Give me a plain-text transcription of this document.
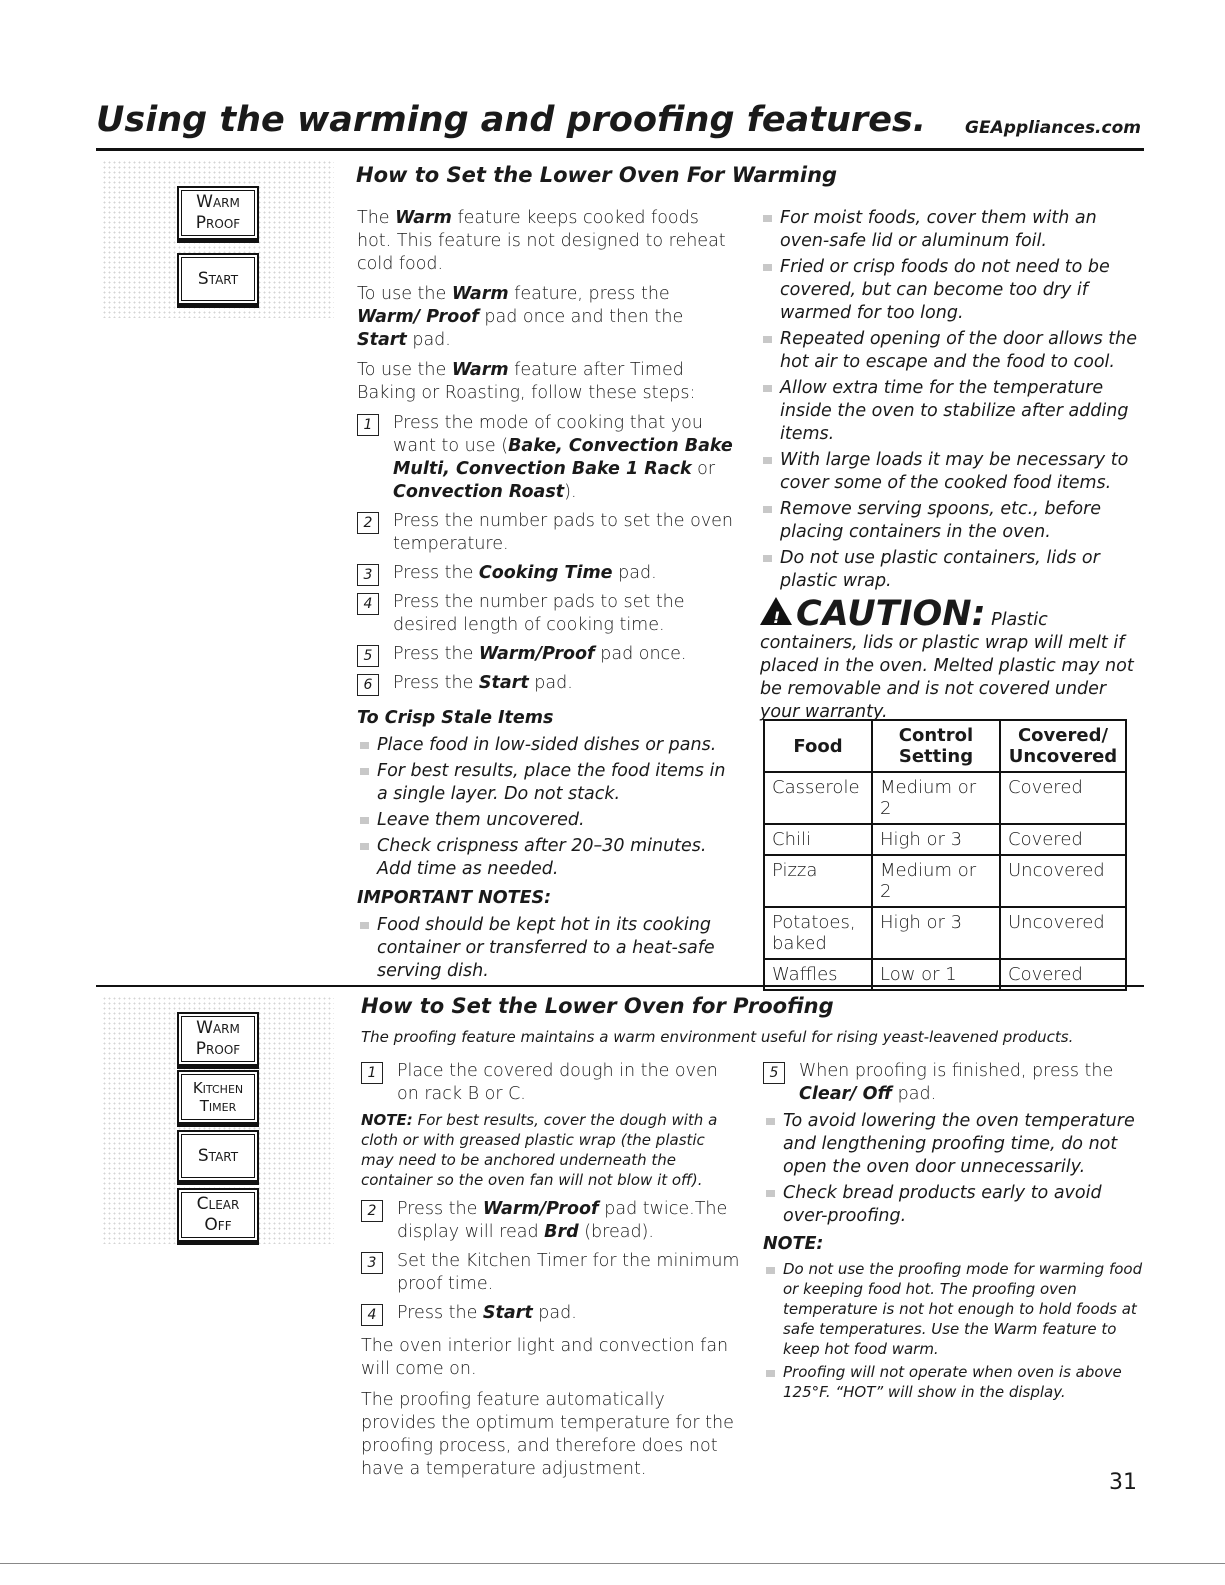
Using the warming and proofing features. GEAppliances.com
Warm
Proof
Start
How to Set the Lower Oven For Warming

The Warm feature keeps cooked foods hot. This feature is not designed to reheat cold food.

To use the Warm feature, press the Warm/ Proof pad once and then the Start pad.

To use the Warm feature after Timed Baking or Roasting, follow these steps:

1	Press the mode of cooking that you want to use (Bake, Convection Bake Multi, Convection Bake 1 Rack or Convection Roast).
2	Press the number pads to set the oven temperature.
3	Press the Cooking Time pad.
4	Press the number pads to set the desired length of cooking time.
5	Press the Warm/Proof pad once.
6	Press the Start pad.
To Crisp Stale Items
Place food in low-sided dishes or pans.
For best results, place the food items in a single layer. Do not stack.
Leave them uncovered.
Check crispness after 20–30 minutes. Add time as needed.
IMPORTANT NOTES:
Food should be kept hot in its cooking container or transferred to a heat-safe serving dish.
For moist foods, cover them with an oven-safe lid or aluminum foil.
Fried or crisp foods do not need to be covered, but can become too dry if warmed for too long.
Repeated opening of the door allows the hot air to escape and the food to cool.
Allow extra time for the temperature inside the oven to stabilize after adding items.
With large loads it may be necessary to cover some of the cooked food items.
Remove serving spoons, etc., before placing containers in the oven.
Do not use plastic containers, lids or plastic wrap.
! CAUTION: Plastic containers, lids or plastic wrap will melt if placed in the oven. Melted plastic may not be removable and is not covered under your warranty.
Food	Control Setting	Covered/ Uncovered
Casserole	Medium or 2	Covered
Chili	High or 3	Covered
Pizza	Medium or 2	Uncovered
Potatoes, baked	High or 3	Uncovered
Waffles	Low or 1	Covered
Warm
Proof
Kitchen
Timer
Start
Clear
Off
How to Set the Lower Oven for Proofing
The proofing feature maintains a warm environment useful for rising yeast-leavened products.
1	Place the covered dough in the oven on rack B or C.
NOTE: For best results, cover the dough with a cloth or with greased plastic wrap (the plastic may need to be anchored underneath the container so the oven fan will not blow it off).
2	Press the Warm/Proof pad twice.The display will read Brd (bread).
3	Set the Kitchen Timer for the minimum proof time.
4	Press the Start pad.

The oven interior light and convection fan will come on.

The proofing feature automatically provides the optimum temperature for the proofing process, and therefore does not have a temperature adjustment.

5	When proofing is finished, press the Clear/ Off pad.
To avoid lowering the oven temperature and lengthening proofing time, do not open the oven door unnecessarily.
Check bread products early to avoid over-proofing.
NOTE:
Do not use the proofing mode for warming food or keeping food hot. The proofing oven temperature is not hot enough to hold foods at safe temperatures. Use the Warm feature to keep hot food warm.
Proofing will not operate when oven is above 125°F. “HOT” will show in the display.
31
